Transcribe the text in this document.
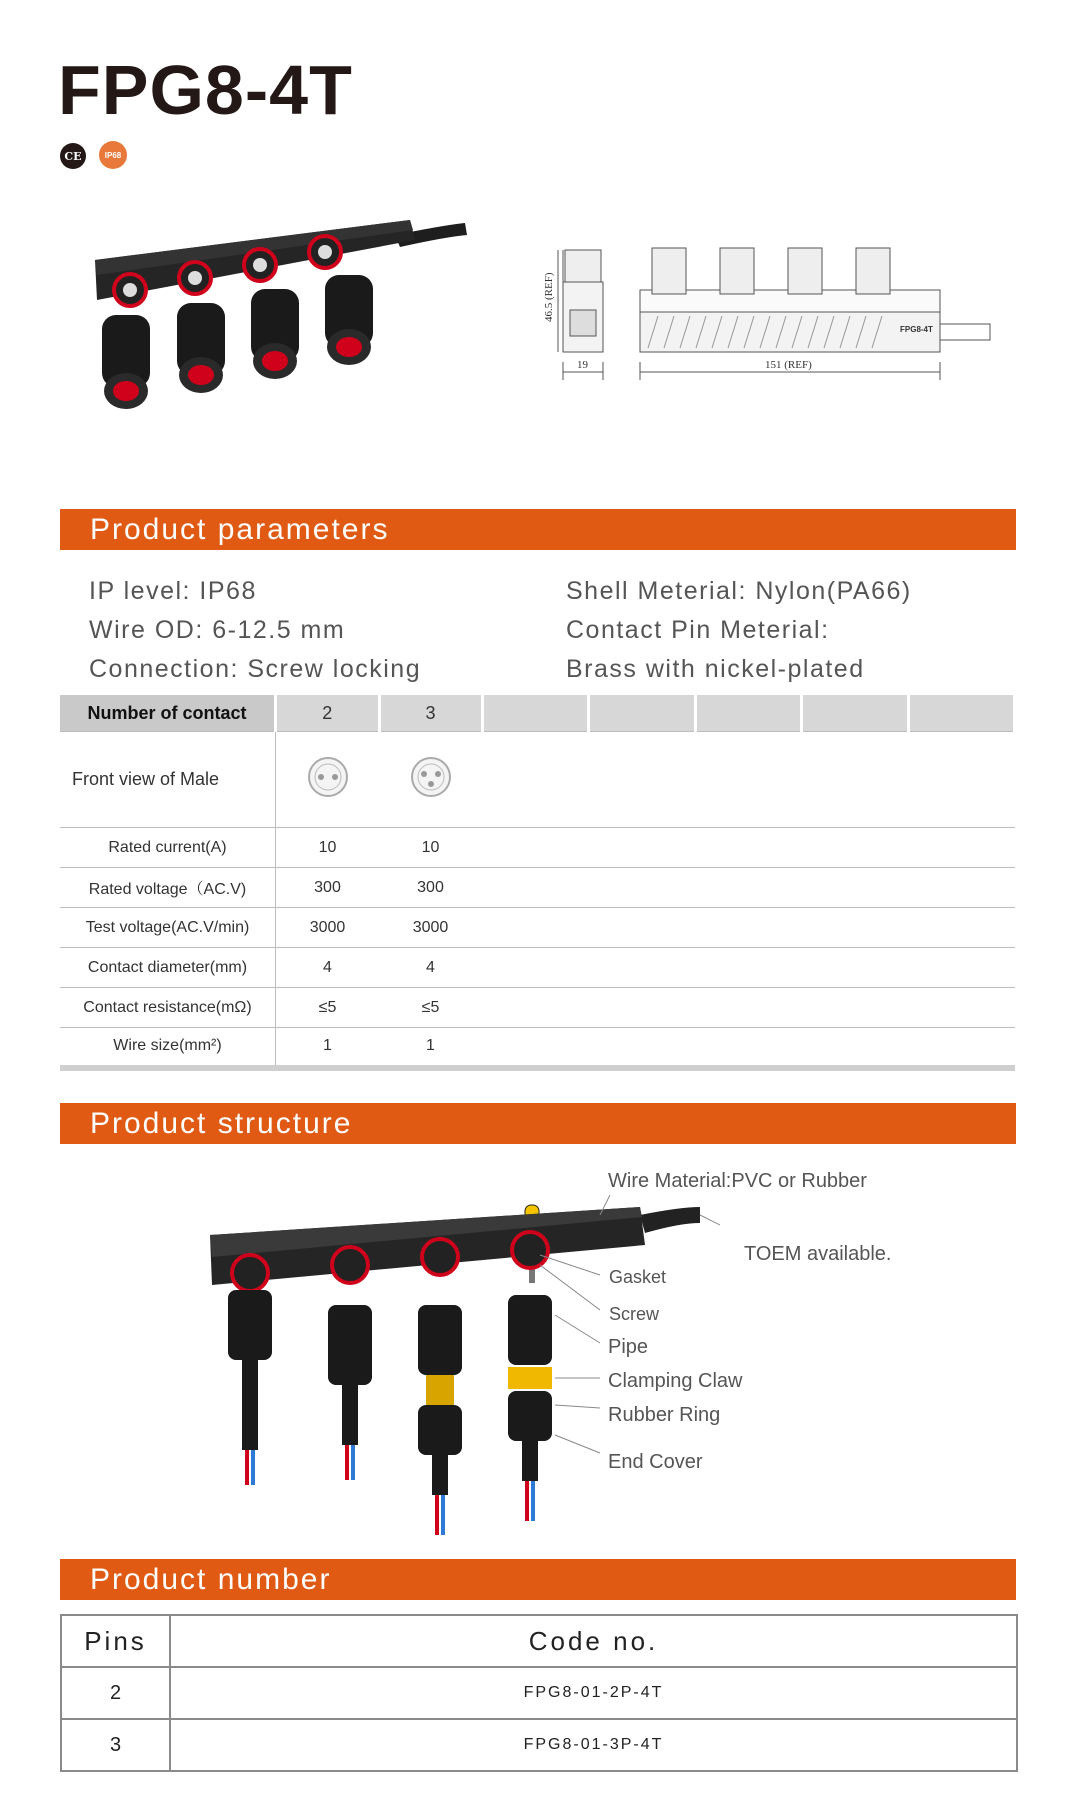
FPG8-4T
CE	IP68
46.5 (REF)
19	151 (REF)
FPG8-4T
Product parameters
IP level: IP68
Wire OD: 6-12.5 mm
Connection: Screw locking
Shell Meterial: Nylon(PA66)
Contact Pin Meterial:
Brass with nickel-plated
Number of contact	2	3					
Front view of Male							
Rated current(A)	10	10					
Rated voltage（AC.V)	300	300					
Test voltage(AC.V/min)	3000	3000					
Contact diameter(mm)	4	4					
Contact resistance(mΩ)	≤5	≤5					
Wire size(mm²)	1	1					
Product structure
Wire Material:PVC or Rubber
TOEM available.
Gasket
Screw
Pipe
Clamping Claw
Rubber Ring
End Cover
Product number
Pins	Code no.
2	FPG8-01-2P-4T
3	FPG8-01-3P-4T
